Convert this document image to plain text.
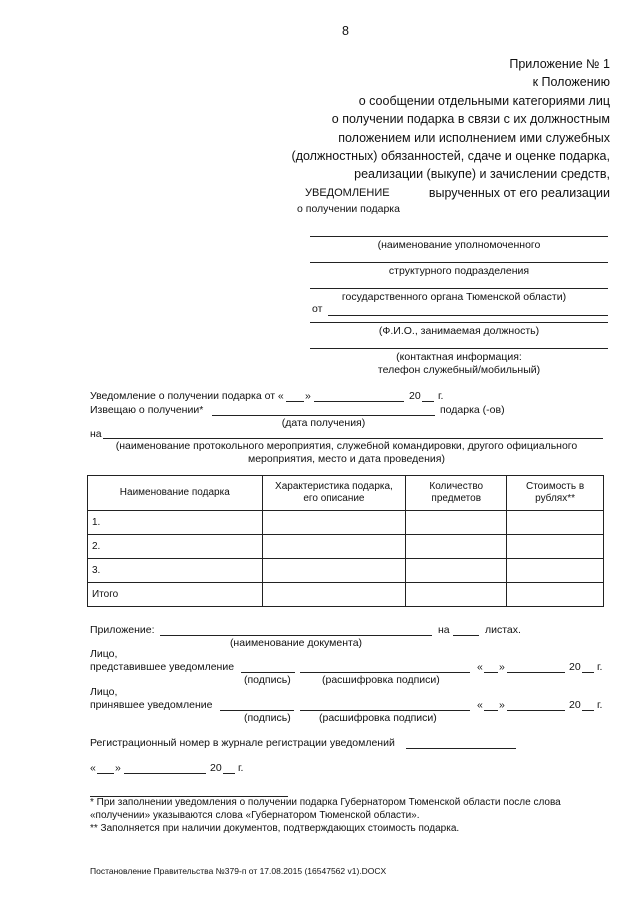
8
Приложение № 1
к Положению
о сообщении отдельными категориями лиц
о получении подарка в связи с их должностным
положением или исполнением ими служебных
(должностных) обязанностей, сдаче и оценке подарка,
реализации (выкупе) и зачислении средств,
вырученных от его реализации
УВЕДОМЛЕНИЕ
о получении подарка
(наименование уполномоченного
структурного подразделения
государственного органа Тюменской области)
от
(Ф.И.О., занимаемая должность)
(контактная информация:
телефон служебный/мобильный)
Уведомление о получении подарка от « »	20 г.
Извещаю о получении*	подарка (-ов)
(дата получения)
на
(наименование протокольного мероприятия, служебной командировки, другого официального
мероприятия, место и дата проведения)
Наименование подарка	Характеристика подарка, его описание	Количество предметов	Стоимость в рублях**
1.			
2.			
3.			
Итого			
Приложение:	на	листах.
(наименование документа)
Лицо,
представившее уведомление	« »	20 г.
(подпись)	(расшифровка подписи)
Лицо,
принявшее уведомление	« »	20 г.
(подпись)	(расшифровка подписи)
Регистрационный номер в журнале регистрации уведомлений
« »	20 г.
* При заполнении уведомления о получении подарка Губернатором Тюменской области после слова
«получении» указываются слова «Губернатором Тюменской области».
** Заполняется при наличии документов, подтверждающих стоимость подарка.
Постановление Правительства №379-п от 17.08.2015 (16547562 v1).DOCX
